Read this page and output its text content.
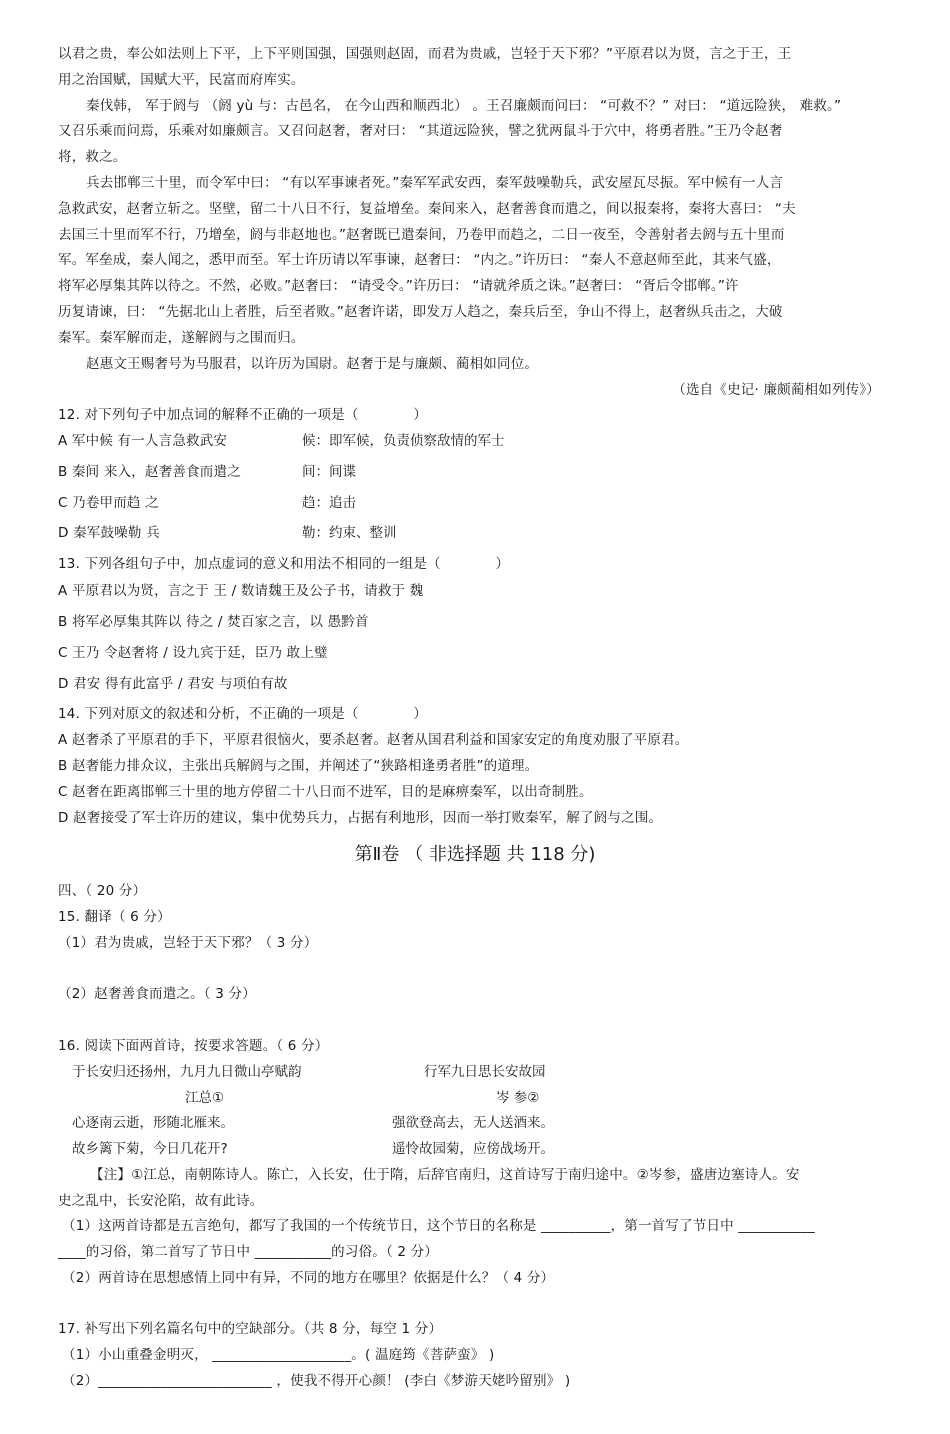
以君之贵，奉公如法则上下平，上下平则国强，国强则赵固，而君为贵戚，岂轻于天下邪？”平原君以为贤，言之于王，王
用之治国赋，国赋大平，民富而府库实。
秦伐韩， 军于阏与 （阏 yù 与：古邑名， 在今山西和顺西北） 。王召廉颇而问曰： “可救不？” 对曰： “道远险狭， 难救。”
又召乐乘而问焉，乐乘对如廉颇言。又召问赵奢，奢对曰： “其道远险狭，譬之犹两鼠斗于穴中，将勇者胜。”王乃令赵奢
将，救之。
兵去邯郸三十里，而令军中曰： “有以军事谏者死。”秦军军武安西，秦军鼓噪勒兵，武安屋瓦尽振。军中候有一人言
急救武安，赵奢立斩之。坚壁，留二十八日不行，复益增垒。秦间来入，赵奢善食而遣之，间以报秦将，秦将大喜曰： “夫
去国三十里而军不行，乃增垒，阏与非赵地也。”赵奢既已遣秦间，乃卷甲而趋之，二日一夜至，令善射者去阏与五十里而
军。军垒成，秦人闻之，悉甲而至。军士许历请以军事谏，赵奢曰： “内之。”许历曰： “秦人不意赵师至此，其来气盛，
将军必厚集其阵以待之。不然，必败。”赵奢曰： “请受令。”许历曰： “请就斧质之诛。”赵奢曰： “胥后令邯郸。”许
历复请谏，曰： “先据北山上者胜，后至者败。”赵奢许诺，即发万人趋之，秦兵后至，争山不得上，赵奢纵兵击之，大破
秦军。秦军解而走，遂解阏与之围而归。
赵惠文王赐奢号为马服君，以许历为国尉。赵奢于是与廉颇、蔺相如同位。
（选自《史记· 廉颇蔺相如列传》）
12. 对下列句子中加点词的解释不正确的一项是（　　　　）
A 军中候 有一人言急救武安	候：即军候，负责侦察敌情的军士
B 秦间 来入，赵奢善食而遣之	间：间谍
C 乃卷甲而趋 之	趋：追击
D 秦军鼓噪勒 兵	勒：约束、整训
13. 下列各组句子中，加点虚词的意义和用法不相同的一组是（　　　　）
A 平原君以为贤，言之于 王 / 数请魏王及公子书，请救于 魏
B 将军必厚集其阵以 待之 / 焚百家之言，以 愚黔首
C 王乃 令赵奢将 / 设九宾于廷，臣乃 敢上璧
D 君安 得有此富乎 / 君安 与项伯有故
14. 下列对原文的叙述和分析，不正确的一项是（　　　　）
A 赵奢杀了平原君的手下，平原君很恼火，要杀赵奢。赵奢从国君利益和国家安定的角度劝服了平原君。
B 赵奢能力排众议，主张出兵解阏与之围，并阐述了“狭路相逢勇者胜”的道理。
C 赵奢在距离邯郸三十里的地方停留二十八日而不进军，目的是麻痹秦军，以出奇制胜。
D 赵奢接受了军士许历的建议，集中优势兵力，占据有利地形，因而一举打败秦军，解了阏与之围。
第Ⅱ卷 （ 非选择题 共 118 分)
四、（ 20 分）
15. 翻译（ 6 分）
（1）君为贵戚，岂轻于天下邪？（ 3 分）
（2）赵奢善食而遣之。（ 3 分）
16. 阅读下面两首诗，按要求答题。（ 6 分）
于长安归还扬州，九月九日微山亭赋韵	行军九日思长安故园
江总①	岑 参②
心逐南云逝，形随北雁来。	强欲登高去，无人送酒来。
故乡篱下菊，今日几花开?	遥怜故园菊，应傍战场开。
【注】①江总，南朝陈诗人。陈亡，入长安，仕于隋，后辞官南归，这首诗写于南归途中。②岑参，盛唐边塞诗人。安
史之乱中，长安沦陷，故有此诗。
（1）这两首诗都是五言绝句，都写了我国的一个传统节日，这个节日的名称是 __________，第一首写了节日中 ___________
____的习俗，第二首写了节日中 ___________的习俗。（ 2 分）
（2）两首诗在思想感情上同中有异，不同的地方在哪里？依据是什么？（ 4 分）
17. 补写出下列名篇名句中的空缺部分。（共 8 分，每空 1 分）
（1）小山重叠金明灭， ____________________。( 温庭筠《菩萨蛮》 )
（2）_________________________ ，使我不得开心颜！ (李白《梦游天姥吟留别》 )
